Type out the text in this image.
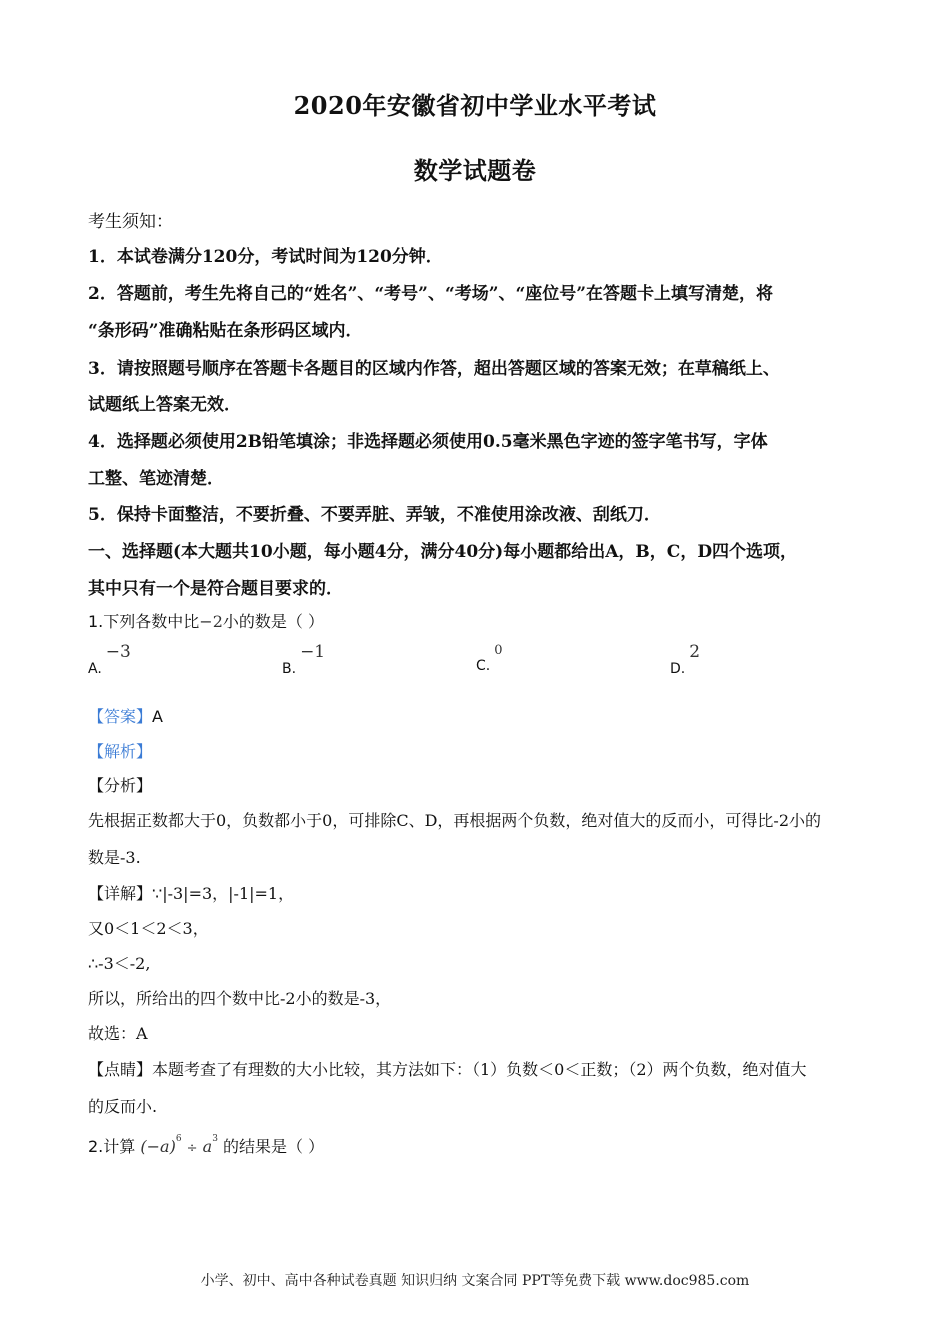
2020年安徽省初中学业水平考试
数学试题卷
考生须知：
1．本试卷满分120分，考试时间为120分钟．
2．答题前，考生先将自己的“姓名”、“考号”、“考场”、“座位号”在答题卡上填写清楚，将
“条形码”准确粘贴在条形码区域内．
3．请按照题号顺序在答题卡各题目的区域内作答，超出答题区域的答案无效；在草稿纸上、
试题纸上答案无效．
4．选择题必须使用2B铅笔填涂；非选择题必须使用0.5毫米黑色字迹的签字笔书写，字体
工整、笔迹清楚．
5．保持卡面整洁，不要折叠、不要弄脏、弄皱，不准使用涂改液、刮纸刀．
一、选择题(本大题共10小题，每小题4分，满分40分)每小题都给出A，B，C，D四个选项，
其中只有一个是符合题目要求的．
1.下列各数中比−2小的数是（ ）
A.−3
B.−1
C.0
D.2
【答案】A
【解析】
【分析】
先根据正数都大于0，负数都小于0，可排除C、D，再根据两个负数，绝对值大的反而小，可得比-2小的
数是-3.
【详解】∵|-3|=3，|-1|=1，
又0＜1＜2＜3，
∴-3＜-2,
所以，所给出的四个数中比-2小的数是-3，
故选：A
【点睛】本题考查了有理数的大小比较，其方法如下：（1）负数＜0＜正数；（2）两个负数，绝对值大
的反而小.
2.计算 $(-a)^6 \div a^3$ 的结果是（ ）
小学、初中、高中各种试卷真题 知识归纳 文案合同 PPT等免费下载 www.doc985.com
